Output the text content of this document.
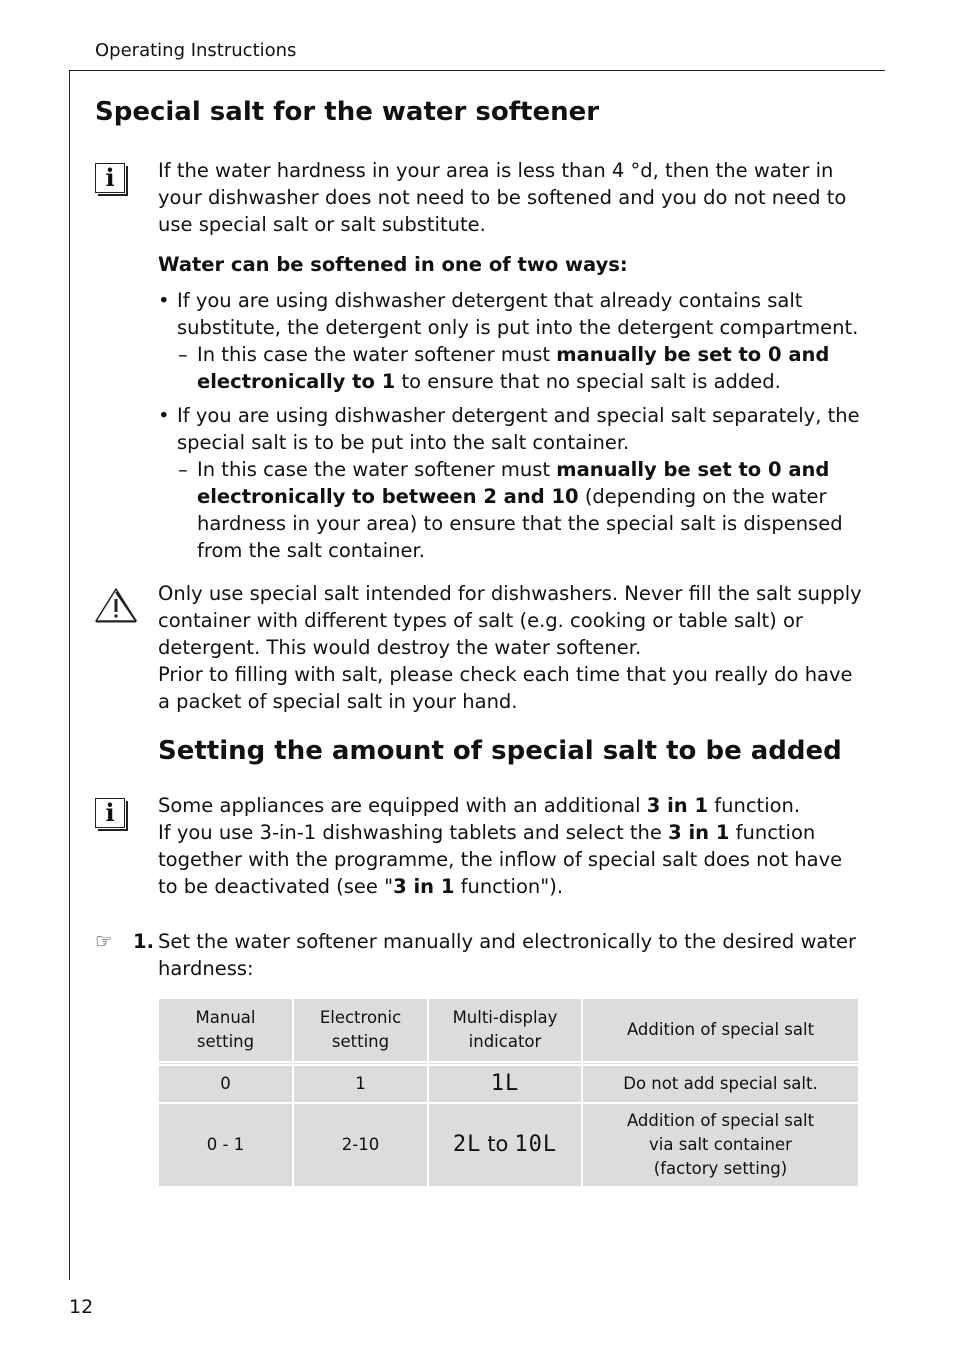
Operating Instructions
Special salt for the water softener
i	If the water hardness in your area is less than 4 °d, then the water in your dishwasher does not need to be softened and you do not need to use special salt or salt substitute.

Water can be softened in one of two ways:

• If you are using dishwasher detergent that already contains salt substitute, the detergent only is put into the detergent compartment.
– In this case the water softener must manually be set to 0 and electronically to 1 to ensure that no special salt is added.
• If you are using dishwasher detergent and special salt separately, the special salt is to be put into the salt container.
– In this case the water softener must manually be set to 0 and electronically to between 2 and 10 (depending on the water hardness in your area) to ensure that the special salt is dispensed from the salt container.

Only use special salt intended for dishwashers. Never fill the salt supply container with different types of salt (e.g. cooking or table salt) or detergent. This would destroy the water softener.

Prior to filling with salt, please check each time that you really do have a packet of special salt in your hand.

Setting the amount of special salt to be added
i	Some appliances are equipped with an additional 3 in 1 function.

If you use 3-in-1 dishwashing tablets and select the 3 in 1 function together with the programme, the inflow of special salt does not have to be deactivated (see "3 in 1 function").

☞ 1. Set the water softener manually and electronically to the desired water hardness:
Manual setting	Electronic setting	Multi-display indicator	Addition of special salt

0	1	1L	Do not add special salt.
0 - 1	2-10	2L to 10L	Addition of special salt
via salt container
(factory setting)
12
